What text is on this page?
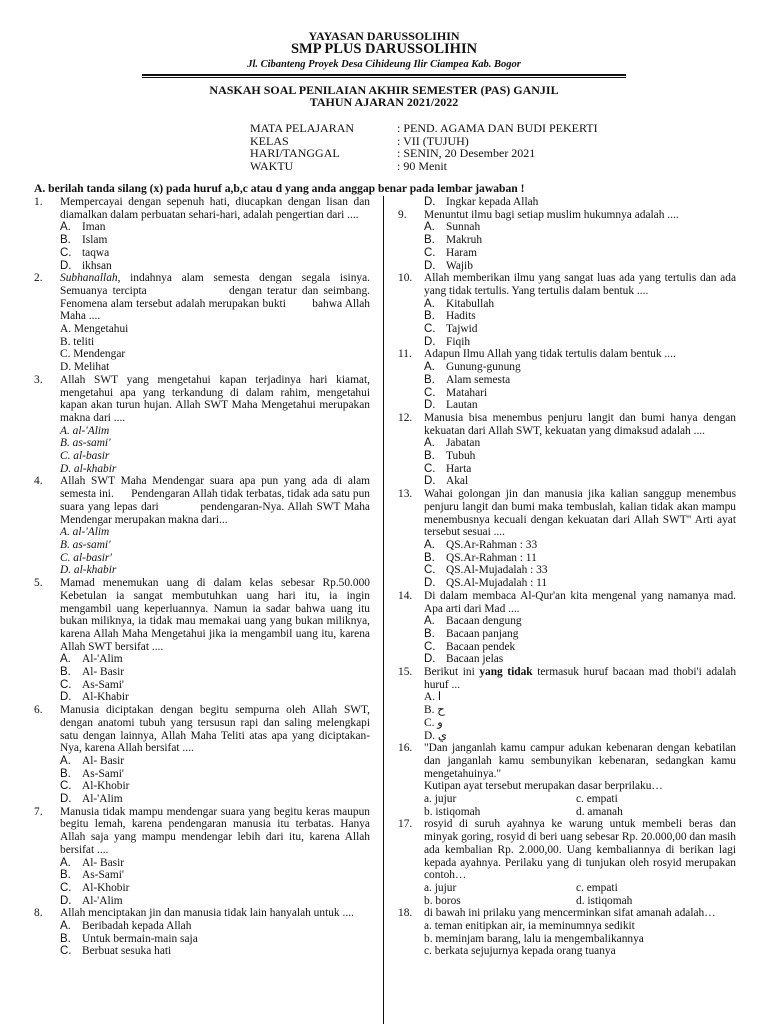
YAYASAN DARUSSOLIHIN
SMP PLUS DARUSSOLIHIN
Jl. Cibanteng Proyek Desa Cihideung Ilir Ciampea Kab. Bogor
NASKAH SOAL PENILAIAN AKHIR SEMESTER (PAS) GANJIL
TAHUN AJARAN 2021/2022
MATA PELAJARAN	: PEND. AGAMA DAN BUDI PEKERTI
KELAS	: VII (TUJUH)
HARI/TANGGAL	: SENIN, 20 Desember 2021
WAKTU	: 90 Menit
A. berilah tanda silang (x) pada huruf a,b,c atau d yang anda anggap benar pada lembar jawaban !
1.	Mempercayai dengan sepenuh hati, diucapkan dengan lisan dan diamalkan dalam perbuatan sehari-hari, adalah pengertian dari ....
A. Iman
B. Islam
C. taqwa
D. ikhsan
2.	Subhanallah, indahnya alam semesta dengan segala isinya. Semuanya tercipta                dengan teratur dan seimbang. Fenomena alam tersebut adalah merupakan bukti        bahwa Allah Maha ....
A. Mengetahui
B. teliti
C. Mendengar
D. Melihat
3.	Allah SWT yang mengetahui kapan terjadinya hari kiamat, mengetahui apa yang terkandung di dalam rahim, mengetahui kapan akan turun hujan. Allah SWT Maha Mengetahui merupakan makna dari ....
A. al-'Alim
B. as-sami'
C. al-basir
D. al-khabir
4.	Allah SWT Maha Mendengar suara apa pun yang ada di alam semesta ini.      Pendengaran Allah tidak terbatas, tidak ada satu pun suara yang lepas dari           pendengaran-Nya. Allah SWT Maha Mendengar merupakan makna dari...
A. al-'Alim
B. as-sami'
C. al-basir'
D. al-khabir
5.	Mamad menemukan uang di dalam kelas sebesar Rp.50.000 Kebetulan ia sangat membutuhkan uang hari itu, ia ingin mengambil uang keperluannya. Namun ia sadar bahwa uang itu bukan miliknya, ia tidak mau memakai uang yang bukan miliknya, karena Allah Maha Mengetahui jika ia mengambil uang itu, karena Allah SWT bersifat ....
A. Al-'Alim
B. Al- Basir
C. As-Sami'
D. Al-Khabir
6.	Manusia diciptakan dengan begitu sempurna oleh Allah SWT, dengan anatomi tubuh yang tersusun rapi dan saling melengkapi satu dengan lainnya, Allah Maha Teliti atas apa yang diciptakan-Nya, karena Allah bersifat ....
A. Al- Basir
B. As-Sami'
C. Al-Khobir
D. Al-'Alim
7.	Manusia tidak mampu mendengar suara yang begitu keras maupun begitu lemah, karena pendengaran manusia itu terbatas. Hanya Allah saja yang mampu mendengar lebih dari itu, karena Allah bersifat ....
A. Al- Basir
B. As-Sami'
C. Al-Khobir
D. Al-'Alim
8.	Allah menciptakan jin dan manusia tidak lain hanyalah untuk ....
A. Beribadah kepada Allah
B. Untuk bermain-main saja
C. Berbuat sesuka hati
D. Ingkar kepada Allah
9.	Menuntut ilmu bagi setiap muslim hukumnya adalah ....
A. Sunnah
B. Makruh
C. Haram
D. Wajib
10.	Allah memberikan ilmu yang sangat luas ada yang tertulis dan ada yang tidak tertulis. Yang tertulis dalam bentuk ....
A. Kitabullah
B. Hadits
C. Tajwid
D. Fiqih
11.	Adapun Ilmu Allah yang tidak tertulis dalam bentuk ....
A. Gunung-gunung
B. Alam semesta
C. Matahari
D. Lautan
12.	Manusia bisa menembus penjuru langit dan bumi hanya dengan kekuatan dari Allah SWT, kekuatan yang dimaksud adalah ....
A. Jabatan
B. Tubuh
C. Harta
D. Akal
13.	Wahai golongan jin dan manusia jika kalian sanggup menembus penjuru langit dan bumi maka tembuslah, kalian tidak akan mampu menembusnya kecuali dengan kekuatan dari Allah SWT" Arti ayat tersebut sesuai ....
A. QS.Ar-Rahman : 33
B. QS.Ar-Rahman : 11
C. QS.Al-Mujadalah : 33
D. QS.Al-Mujadalah : 11
14.	Di dalam membaca Al-Qur'an kita mengenal yang namanya mad. Apa arti dari Mad ....
A. Bacaan dengung
B. Bacaan panjang
C. Bacaan pendek
D. Bacaan jelas
15.	Berikut ini yang tidak termasuk huruf bacaan mad thobi'i adalah huruf ...
A. ا
B. ح
C. و
D. ي
16.	"Dan janganlah kamu campur adukan kebenaran dengan kebatilan dan janganlah kamu sembunyikan kebenaran, sedangkan kamu mengetahuinya."
Kutipan ayat tersebut merupakan dasar berprilaku…
a. jujur	c. empati
b. istiqomah	d. amanah
17.	rosyid di suruh ayahnya ke warung untuk membeli beras dan minyak goring, rosyid di beri uang sebesar Rp. 20.000,00 dan masih ada kembalian Rp. 2.000,00. Uang kembaliannya di berikan lagi kepada ayahnya. Perilaku yang di tunjukan oleh rosyid merupakan contoh…
a. jujur	c. empati
b. boros	d. istiqomah
18.	di bawah ini prilaku yang mencerminkan sifat amanah adalah…
a. teman enitipkan air, ia meminumnya sedikit
b. meminjam barang, lalu ia mengembalikannya
c. berkata sejujurnya kepada orang tuanya
